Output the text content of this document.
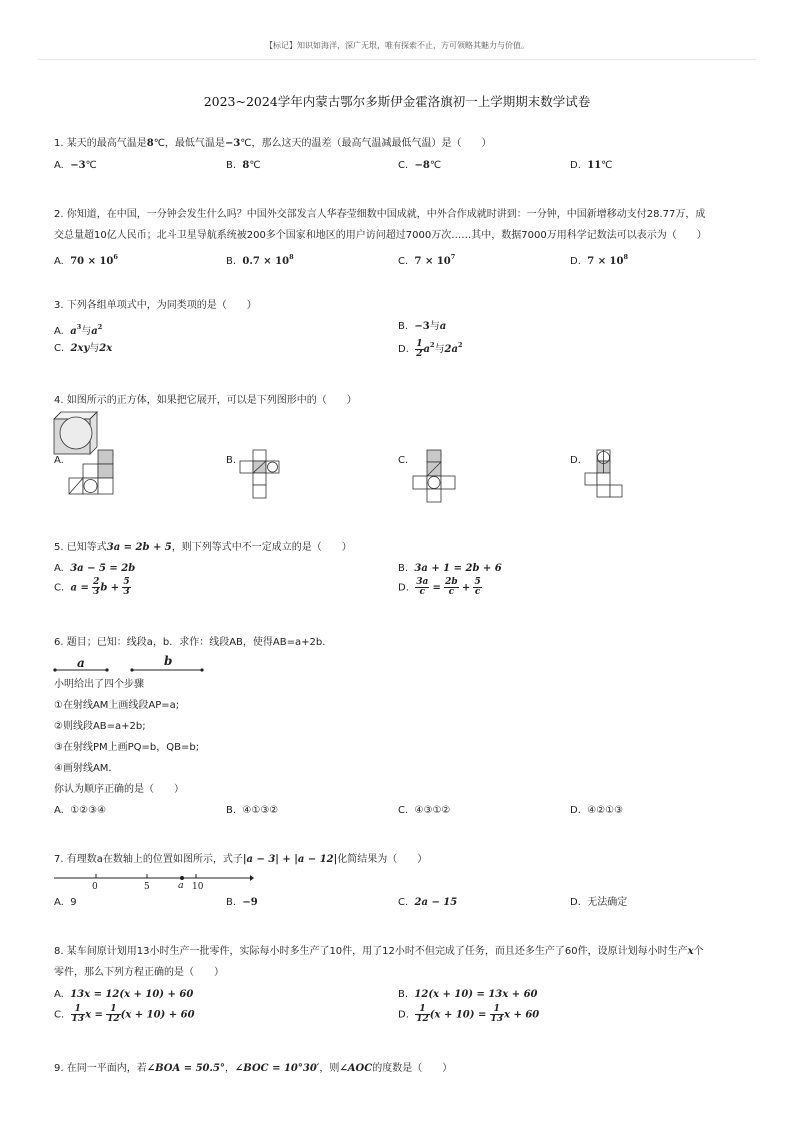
【标记】知识如海洋，深广无垠，唯有探索不止，方可领略其魅力与价值。
2023~2024学年内蒙古鄂尔多斯伊金霍洛旗初一上学期期末数学试卷
1. 某天的最高气温是8℃，最低气温是−3℃，那么这天的温差（最高气温减最低气温）是（　　）
A. −3℃	B. 8℃	C. −8℃	D. 11℃
2. 你知道，在中国，一分钟会发生什么吗？中国外交部发言人华春莹细数中国成就，中外合作成就时讲到：一分钟，中国新增移动支付28.77万，成
交总量超10亿人民币；北斗卫星导航系统被200多个国家和地区的用户访问超过7000万次……其中，数据7000万用科学记数法可以表示为（　　）
A. $70 \times 10^6$	B. $0.7 \times 10^8$	C. $7 \times 10^7$	D. $7 \times 10^8$
3. 下列各组单项式中，为同类项的是（　　）
A. $a^3$与$a^2$	B. −3与a
C. 2xy与2x	D. $\frac{1}{2} a^2$与$2a^2$
4. 如图所示的正方体，如果把它展开，可以是下列图形中的（　　）
A.	B.	C.	D.
5. 已知等式3a = 2b + 5，则下列等式中不一定成立的是（　　）
A. 3a − 5 = 2b	B. 3a + 1 = 2b + 6
C. $a = \frac{2}{3}$ $b + \frac{5}{3}$	D. $\frac{3a}{c} = \frac{2b}{c} + \frac{5}{c}$
6. 题目；已知：线段a，b．求作：线段AB，使得AB=a+2b．
a	b
小明给出了四个步骤
①在射线AM上画线段AP=a;
②则线段AB=a+2b;
③在射线PM上画PQ=b，QB=b;
④画射线AM．
你认为顺序正确的是（　　）
A. ①②③④	B. ④①③②	C. ④③①②	D. ④②①③
7. 有理数a在数轴上的位置如图所示，式子|a − 3| + |a − 12|化简结果为（　　）
0	5	a 10
A. 9	B. −9	C. 2a − 15	D. 无法确定
8. 某车间原计划用13小时生产一批零件，实际每小时多生产了10件，用了12小时不但完成了任务，而且还多生产了60件，设原计划每小时生产x个
零件，那么下列方程正确的是（　　）
A. 13x = 12(x + 10) + 60	B. 12(x + 10) = 13x + 60
C. $\frac{1}{13}$ $x = \frac{1}{12} (x + 10) + 60$	D. $\frac{1}{12} (x + 10) = \frac{1}{13}$ x + 60
9. 在同一平面内，若∠BOA = 50.5°，∠BOC = 10°30′，则∠AOC的度数是（　　）
